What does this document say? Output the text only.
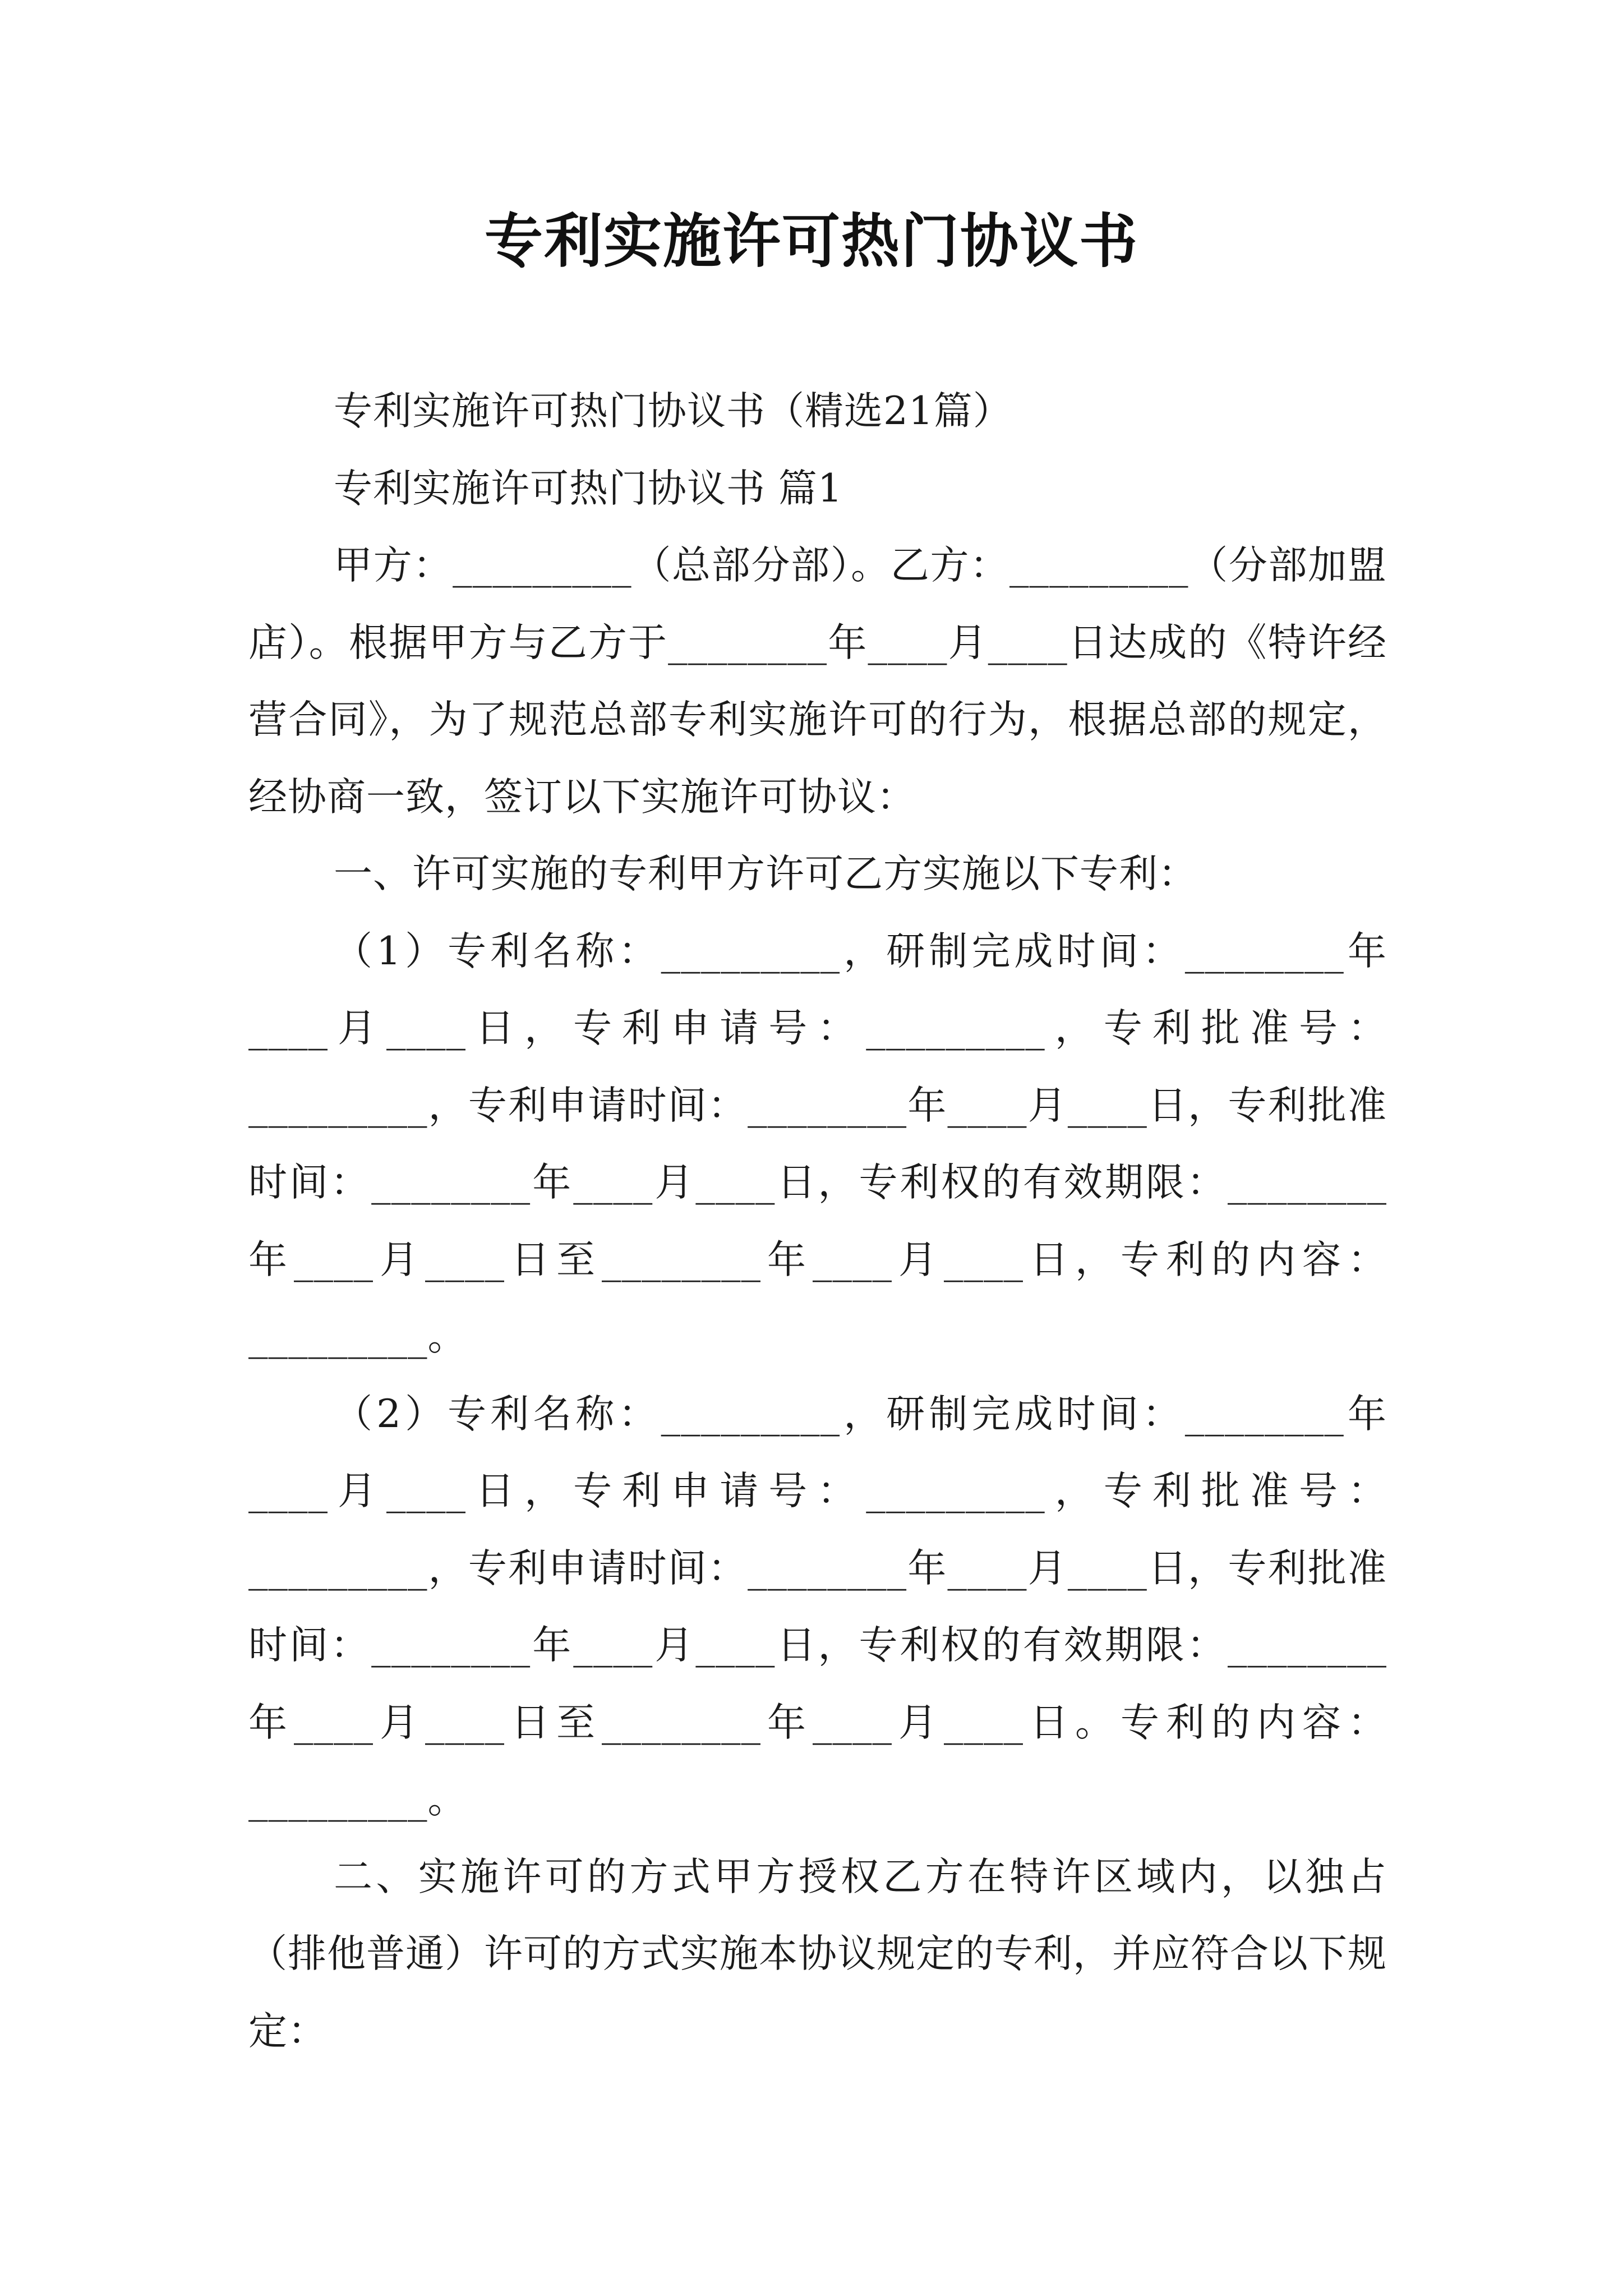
专利实施许可热门协议书

专利实施许可热门协议书（精选21篇）

专利实施许可热门协议书 篇1

甲方：_________（总部分部）。乙方：_________（分部加盟店）。根据甲方与乙方于________年____月____日达成的《特许经营合同》，为了规范总部专利实施许可的行为，根据总部的规定，经协商一致，签订以下实施许可协议：

一、许可实施的专利甲方许可乙方实施以下专利：

（1）专利名称：_________，研制完成时间：________年____月____日，专利申请号：_________，专利批准号：_________，专利申请时间：________年____月____日，专利批准时间：________年____月____日，专利权的有效期限：________年____月____日至________年____月____日，专利的内容：_________。

（2）专利名称：_________，研制完成时间：________年____月____日，专利申请号：_________，专利批准号：_________，专利申请时间：________年____月____日，专利批准时间：________年____月____日，专利权的有效期限：________年____月____日至________年____月____日。专利的内容：_________。

二、实施许可的方式甲方授权乙方在特许区域内，以独占（排他普通）许可的方式实施本协议规定的专利，并应符合以下规定：
